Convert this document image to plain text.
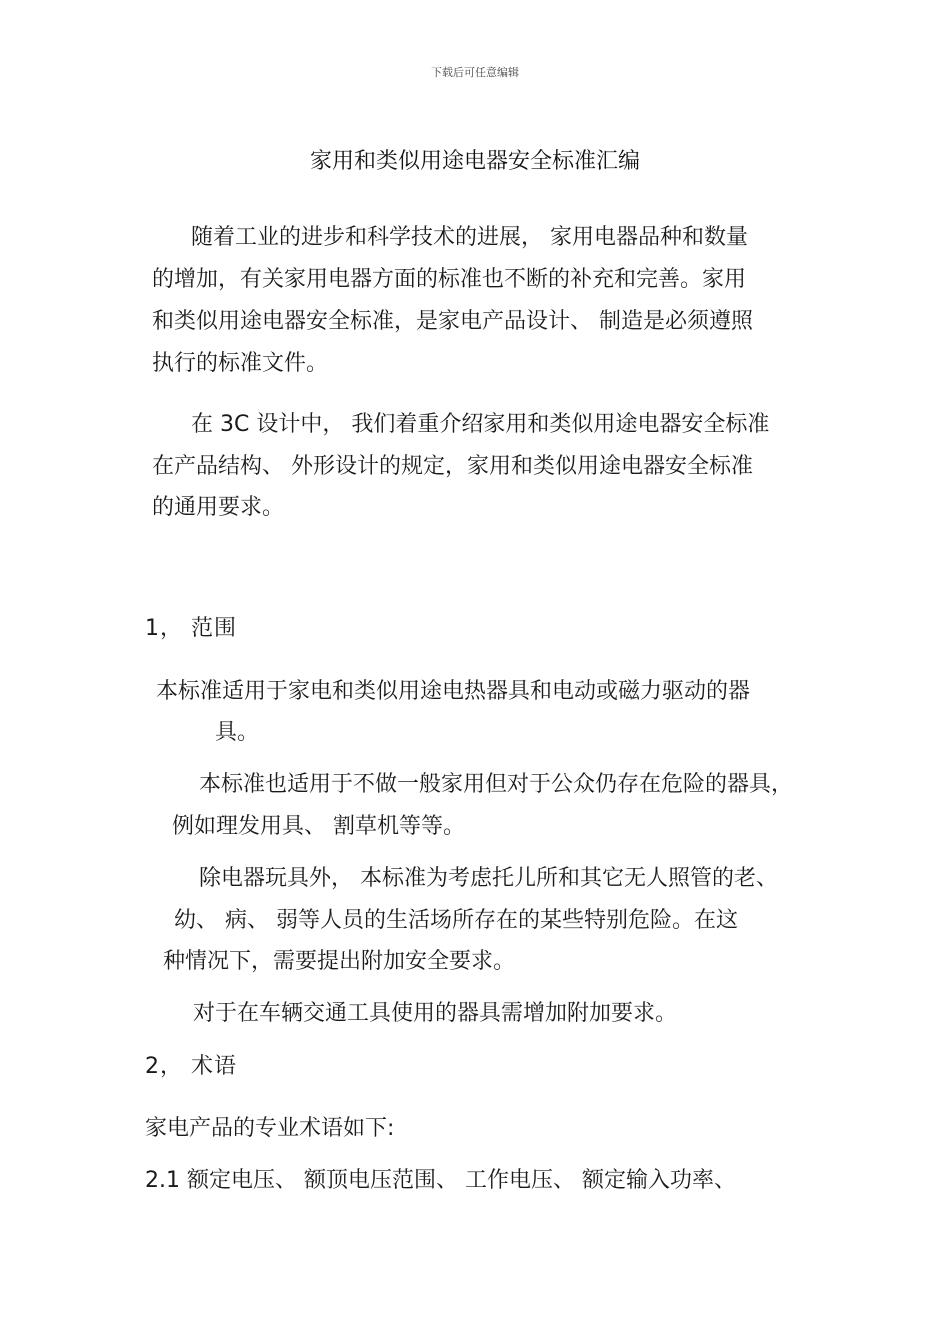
下载后可任意编辑
家用和类似用途电器安全标准汇编
随着工业的进步和科学技术的进展， 家用电器品种和数量
的增加，有关家用电器方面的标准也不断的补充和完善。家用
和类似用途电器安全标准，是家电产品设计、 制造是必须遵照
执行的标准文件。
在 3C 设计中， 我们着重介绍家用和类似用途电器安全标准
在产品结构、 外形设计的规定，家用和类似用途电器安全标准
的通用要求。
1， 范围
本标准适用于家电和类似用途电热器具和电动或磁力驱动的器
具。
本标准也适用于不做一般家用但对于公众仍存在危险的器具，
例如理发用具、 割草机等等。
除电器玩具外， 本标准为考虑托儿所和其它无人照管的老、
幼、 病、 弱等人员的生活场所存在的某些特别危险。在这
种情况下，需要提出附加安全要求。
对于在车辆交通工具使用的器具需增加附加要求。
2， 术语
家电产品的专业术语如下:
2.1 额定电压、 额顶电压范围、 工作电压、 额定输入功率、
